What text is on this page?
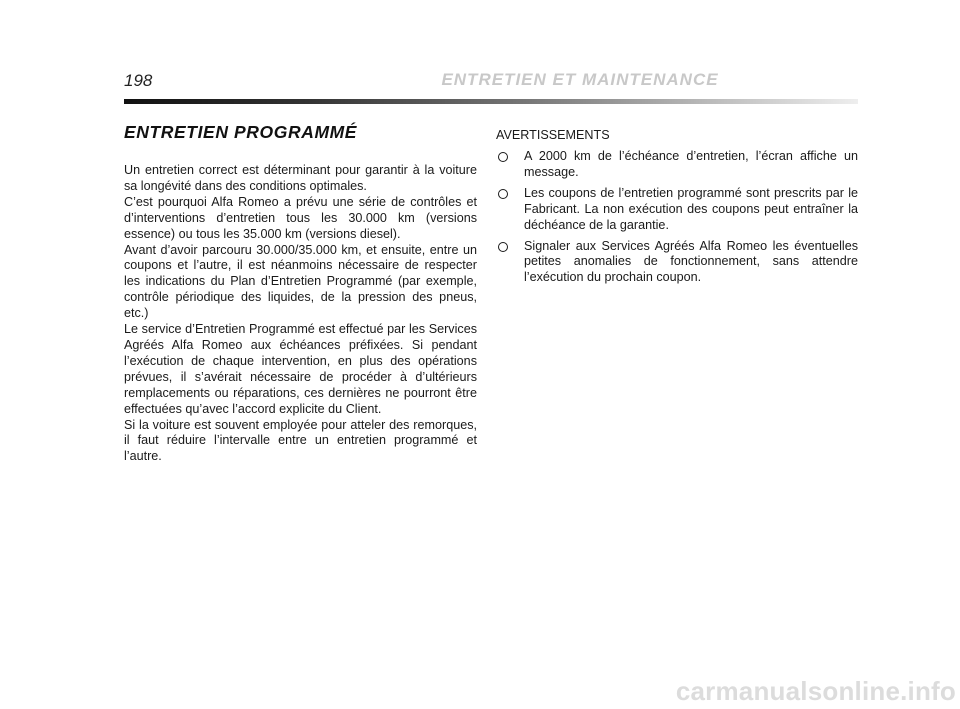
198	ENTRETIEN ET MAINTENANCE
ENTRETIEN PROGRAMMÉ

Un entretien correct est déterminant pour garantir à la voiture sa longévité dans des conditions optimales.

C’est pourquoi Alfa Romeo a prévu une série de contrôles et d’interventions d’entretien tous les 30.000 km (versions essence) ou tous les 35.000 km (versions diesel).

Avant d’avoir parcouru 30.000/35.000 km, et ensuite, entre un coupons et l’autre, il est néanmoins nécessaire de respecter les indications du Plan d’Entretien Programmé (par exemple, contrôle périodique des liquides, de la pression des pneus, etc.)

Le service d’Entretien Programmé est effectué par les Services Agréés Alfa Romeo aux échéances préfixées. Si pendant l’exécution de chaque intervention, en plus des opérations prévues, il s’avérait nécessaire de procéder à d’ultérieurs remplacements ou réparations, ces dernières ne pourront être effectuées qu’avec l’accord explicite du Client.

Si la voiture est souvent employée pour atteler des remorques, il faut réduire l’intervalle entre un entretien programmé et l’autre.

AVERTISSEMENTS
A 2000 km de l’échéance d’entretien, l’écran affiche un message.
Les coupons de l’entretien programmé sont prescrits par le Fabricant. La non exécution des coupons peut entraîner la déchéance de la garantie.
Signaler aux Services Agréés Alfa Romeo les éventuelles petites anomalies de fonctionnement, sans attendre l’exécution du prochain coupon.
carmanualsonline.info
